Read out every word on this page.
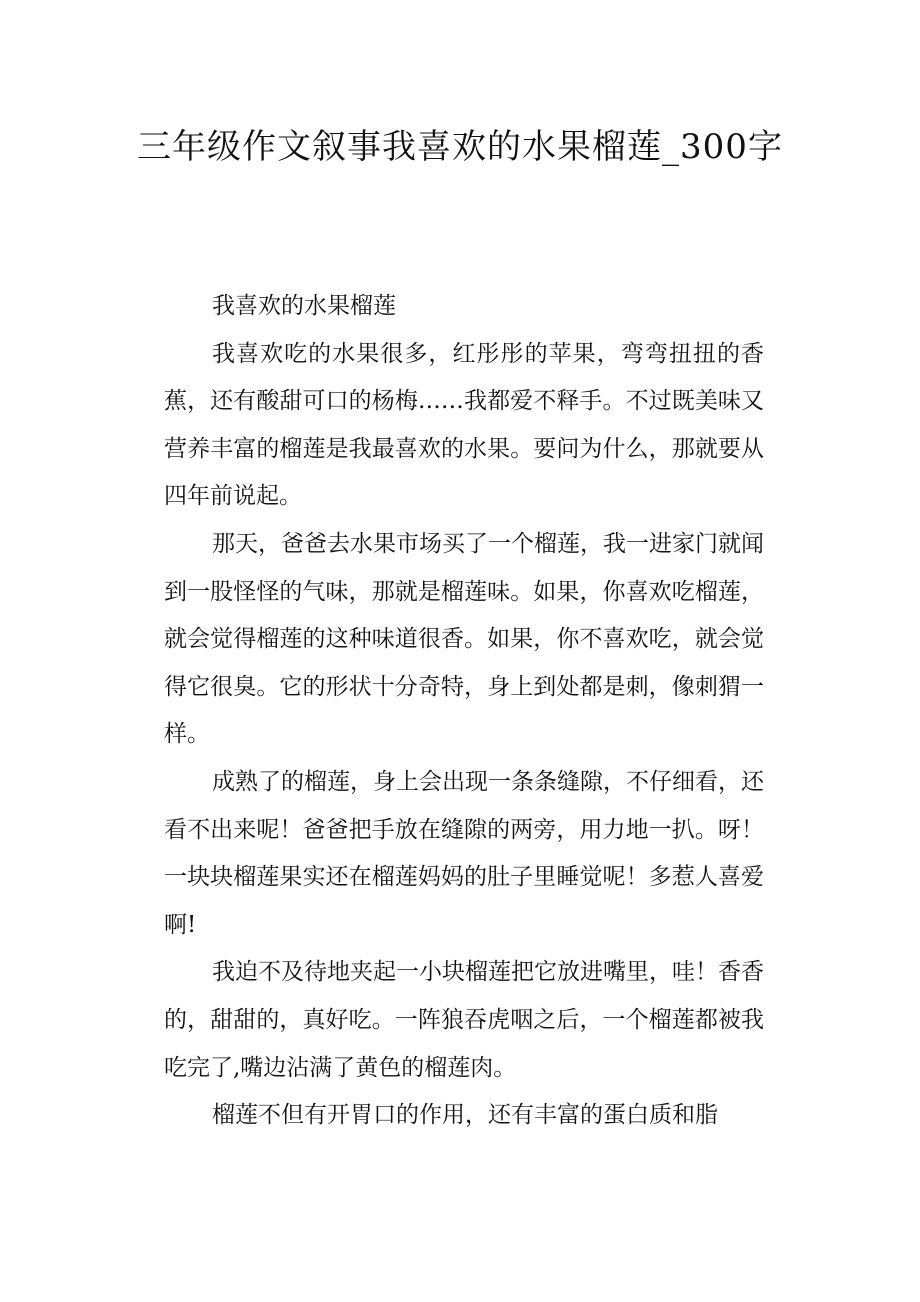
三年级作文叙事我喜欢的水果榴莲_300字

我喜欢的水果榴莲

我喜欢吃的水果很多，红彤彤的苹果，弯弯扭扭的香蕉，还有酸甜可口的杨梅……我都爱不释手。不过既美味又营养丰富的榴莲是我最喜欢的水果。要问为什么，那就要从四年前说起。

那天，爸爸去水果市场买了一个榴莲，我一进家门就闻到一股怪怪的气味，那就是榴莲味。如果，你喜欢吃榴莲，就会觉得榴莲的这种味道很香。如果，你不喜欢吃，就会觉得它很臭。它的形状十分奇特，身上到处都是刺，像刺猬一样。

成熟了的榴莲，身上会出现一条条缝隙，不仔细看，还看不出来呢！爸爸把手放在缝隙的两旁，用力地一扒。呀！一块块榴莲果实还在榴莲妈妈的肚子里睡觉呢！多惹人喜爱啊!

我迫不及待地夹起一小块榴莲把它放进嘴里，哇！香香的，甜甜的，真好吃。一阵狼吞虎咽之后，一个榴莲都被我吃完了,嘴边沾满了黄色的榴莲肉。

榴莲不但有开胃口的作用，还有丰富的蛋白质和脂
